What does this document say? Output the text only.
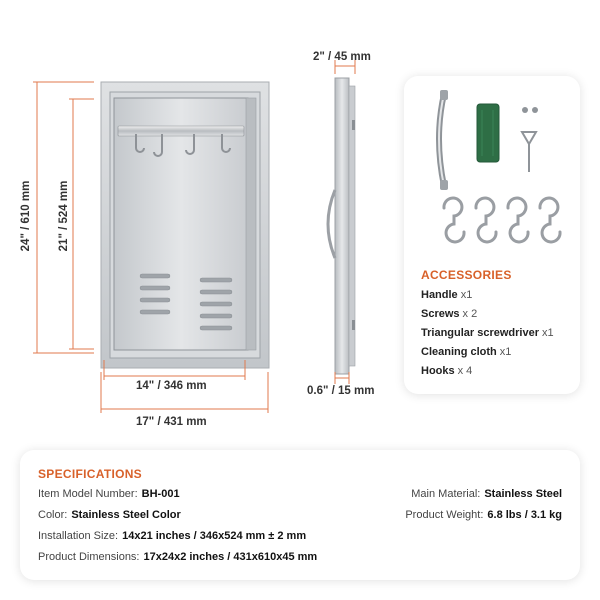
2" / 45 mm
24" / 610 mm 21" / 524 mm
14" / 346 mm
17" / 431 mm
0.6" / 15 mm
ACCESSORIES
Handle x1
Screws x 2
Triangular screwdriver x1
Cleaning cloth x1
Hooks x 4
SPECIFICATIONS
Item Model Number: BH-001
Color: Stainless Steel Color
Installation Size: 14x21 inches / 346x524 mm ± 2 mm
Product Dimensions: 17x24x2 inches / 431x610x45 mm
Main Material: Stainless Steel
Product Weight: 6.8 lbs / 3.1 kg
